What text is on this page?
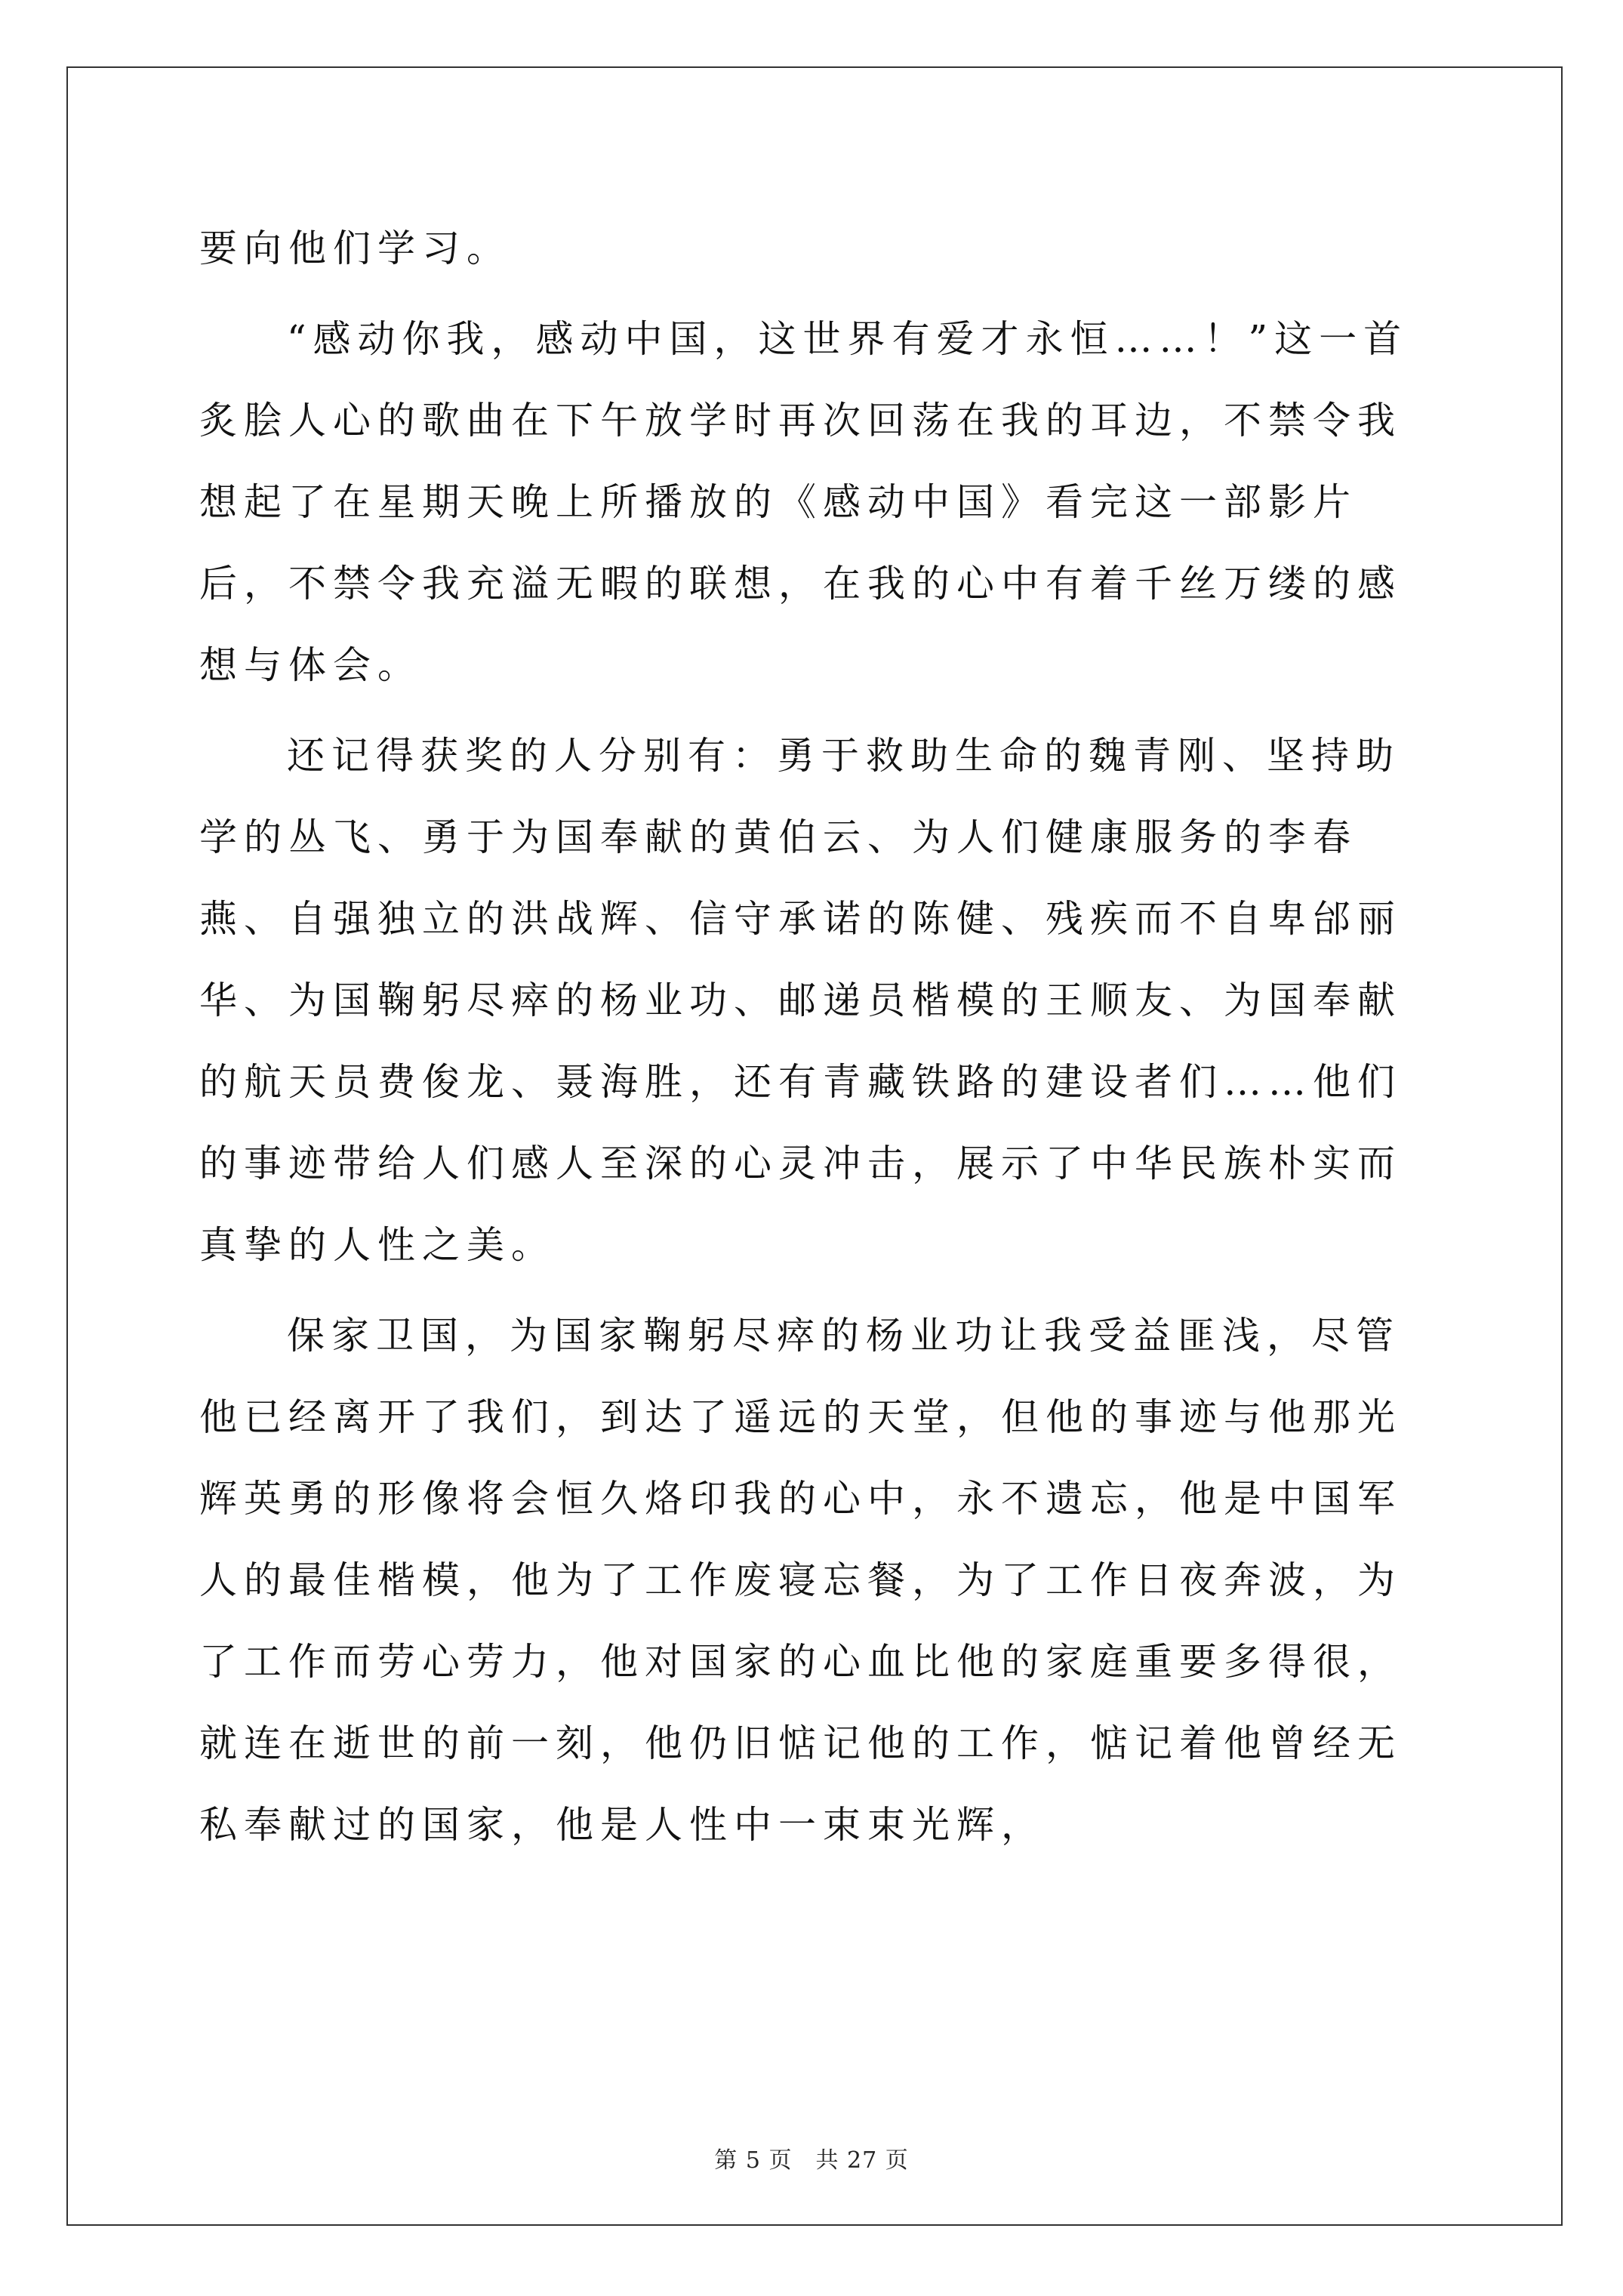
要向他们学习。

“感动你我，感动中国，这世界有爱才永恒……！”这一首炙脍人心的歌曲在下午放学时再次回荡在我的耳边，不禁令我想起了在星期天晚上所播放的《感动中国》看完这一部影片后，不禁令我充溢无暇的联想，在我的心中有着千丝万缕的感想与体会。

还记得获奖的人分别有：勇于救助生命的魏青刚、坚持助学的丛飞、勇于为国奉献的黄伯云、为人们健康服务的李春燕、自强独立的洪战辉、信守承诺的陈健、残疾而不自卑邰丽华、为国鞠躬尽瘁的杨业功、邮递员楷模的王顺友、为国奉献的航天员费俊龙、聂海胜，还有青藏铁路的建设者们……他们的事迹带给人们感人至深的心灵冲击，展示了中华民族朴实而真挚的人性之美。

保家卫国，为国家鞠躬尽瘁的杨业功让我受益匪浅，尽管他已经离开了我们，到达了遥远的天堂，但他的事迹与他那光辉英勇的形像将会恒久烙印我的心中，永不遗忘，他是中国军人的最佳楷模，他为了工作废寝忘餐，为了工作日夜奔波，为了工作而劳心劳力，他对国家的心血比他的家庭重要多得很，就连在逝世的前一刻，他仍旧惦记他的工作，惦记着他曾经无私奉献过的国家，他是人性中一束束光辉，

第 5 页　共 27 页
